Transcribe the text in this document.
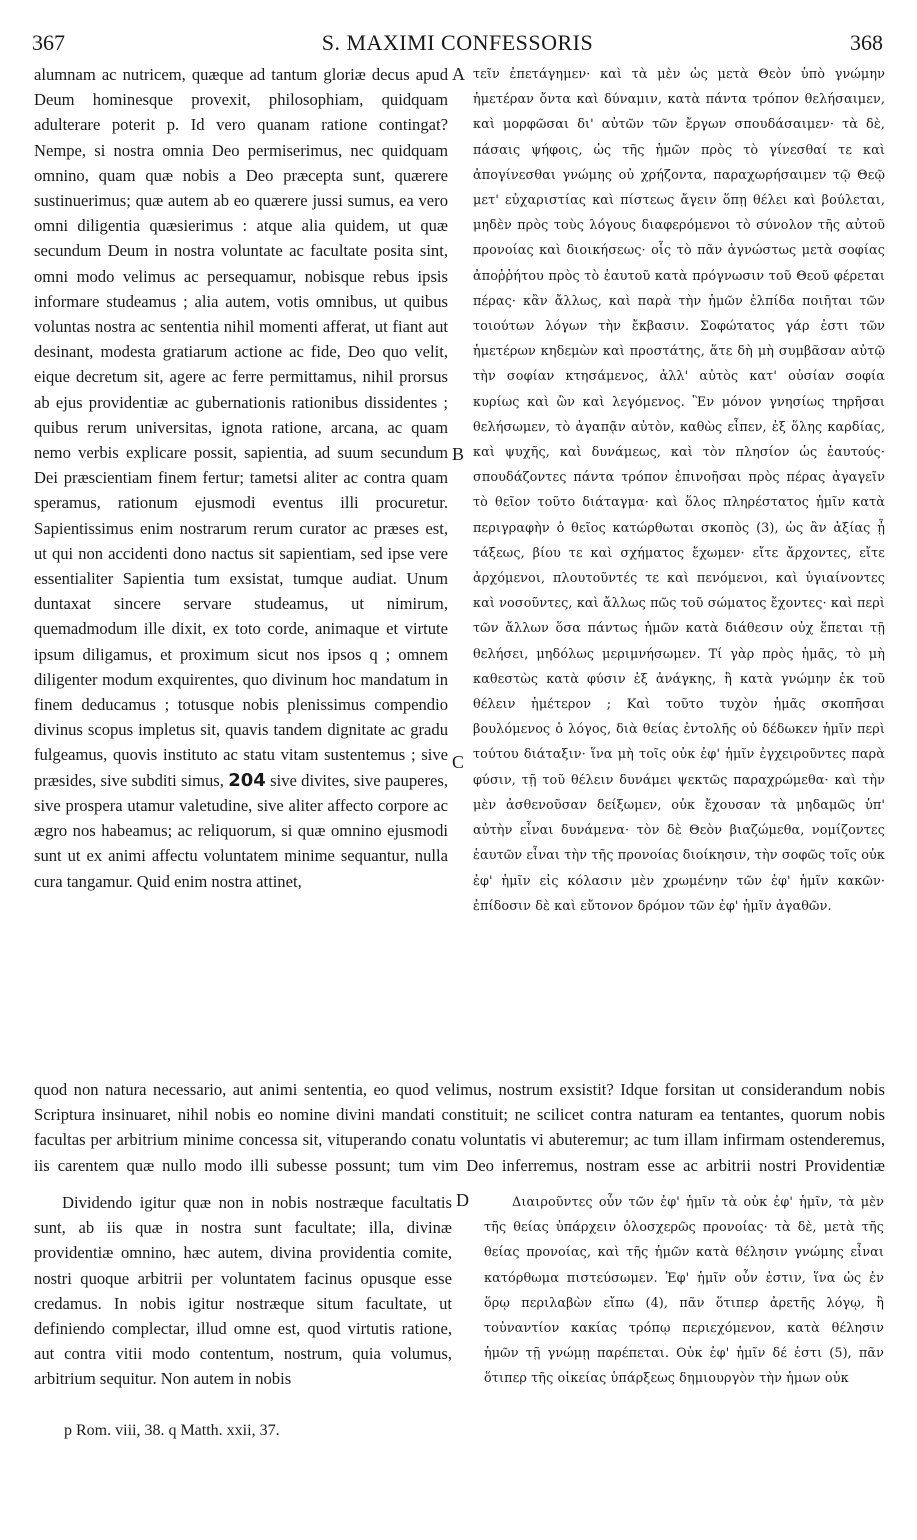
367	S. MAXIMI CONFESSORIS	368

alumnam ac nutricem, quæque ad tantum gloriæ decus apud Deum hominesque provexit, philosophiam, quidquam adulterare poterit p. Id vero quanam ratione contingat? Nempe, si nostra omnia Deo permiserimus, nec quidquam omnino, quam quæ nobis a Deo præcepta sunt, quærere sustinuerimus; quæ autem ab eo quærere jussi sumus, ea vero omni diligentia quæsierimus : atque alia quidem, ut quæ secundum Deum in nostra voluntate ac facultate posita sint, omni modo velimus ac persequamur, nobisque rebus ipsis informare studeamus ; alia autem, votis omnibus, ut quibus voluntas nostra ac sententia nihil momenti afferat, ut fiant aut desinant, modesta gratiarum actione ac fide, Deo quo velit, eique decretum sit, agere ac ferre permittamus, nihil prorsus ab ejus providentiæ ac gubernationis rationibus dissidentes ; quibus rerum universitas, ignota ratione, arcana, ac quam nemo verbis explicare possit, sapientia, ad suum secundum Dei præscientiam finem fertur; tametsi aliter ac contra quam speramus, rationum ejusmodi eventus illi procuretur. Sapientissimus enim nostrarum rerum curator ac præses est, ut qui non accidenti dono nactus sit sapientiam, sed ipse vere essentialiter Sapientia tum exsistat, tumque audiat. Unum duntaxat sincere servare studeamus, ut nimirum, quemadmodum ille dixit, ex toto corde, animaque et virtute ipsum diligamus, et proximum sicut nos ipsos q ; omnem diligenter modum exquirentes, quo divinum hoc mandatum in finem deducamus ; totusque nobis plenissimus compendio divinus scopus impletus sit, quavis tandem dignitate ac gradu fulgeamus, quovis instituto ac statu vitam sustentemus ; sive præsides, sive subditi simus, 204 sive divites, sive pauperes, sive prospera utamur valetudine, sive aliter affecto corpore ac ægro nos habeamus; ac reliquorum, si quæ omnino ejusmodi sunt ut ex animi affectu voluntatem minime sequantur, nulla cura tangamur. Quid enim nostra attinet,

A
B
C
D

τεῖν ἐπετάγημεν· καὶ τὰ μὲν ὡς μετὰ Θεὸν ὑπὸ γνώμην ἡμετέραν ὄντα καὶ δύναμιν, κατὰ πάντα τρόπον θελήσαιμεν, καὶ μορφῶσαι δι' αὐτῶν τῶν ἔργων σπουδάσαιμεν· τὰ δὲ, πάσαις ψήφοις, ὡς τῆς ἡμῶν πρὸς τὸ γίνεσθαί τε καὶ ἀπογίνεσθαι γνώμης οὐ χρήζοντα, παραχωρήσαιμεν τῷ Θεῷ μετ' εὐχαριστίας καὶ πίστεως ἄγειν ὅπῃ θέλει καὶ βούλεται, μηδὲν πρὸς τοὺς λόγους διαφερόμενοι τὸ σύνολον τῆς αὐτοῦ προνοίας καὶ διοικήσεως· οἷς τὸ πᾶν ἀγνώστως μετὰ σοφίας ἀποῤῥήτου πρὸς τὸ ἑαυτοῦ κατὰ πρόγνωσιν τοῦ Θεοῦ φέρεται πέρας· κἂν ἄλλως, καὶ παρὰ τὴν ἡμῶν ἐλπίδα ποιῆται τῶν τοιούτων λόγων τὴν ἔκβασιν. Σοφώτατος γάρ ἐστι τῶν ἡμετέρων κηδεμὼν καὶ προστάτης, ἅτε δὴ μὴ συμβᾶσαν αὐτῷ τὴν σοφίαν κτησάμενος, ἀλλ' αὐτὸς κατ' οὐσίαν σοφία κυρίως καὶ ὢν καὶ λεγόμενος. Ἓν μόνον γνησίως τηρῆσαι θελήσωμεν, τὸ ἀγαπᾷν αὐτὸν, καθὼς εἶπεν, ἐξ ὅλης καρδίας, καὶ ψυχῆς, καὶ δυνάμεως, καὶ τὸν πλησίον ὡς ἑαυτούς· σπουδάζοντες πάντα τρόπον ἐπινοῆσαι πρὸς πέρας ἀγαγεῖν τὸ θεῖον τοῦτο διάταγμα· καὶ ὅλος πληρέστατος ἡμῖν κατὰ περιγραφὴν ὁ θεῖος κατώρθωται σκοπὸς (3), ὡς ἂν ἀξίας ᾖ τάξεως, βίου τε καὶ σχήματος ἔχωμεν· εἴτε ἄρχοντες, εἴτε ἀρχόμενοι, πλουτοῦντές τε καὶ πενόμενοι, καὶ ὑγιαίνοντες καὶ νοσοῦντες, καὶ ἄλλως πῶς τοῦ σώματος ἔχοντες· καὶ περὶ τῶν ἄλλων ὅσα πάντως ἡμῶν κατὰ διάθεσιν οὐχ ἕπεται τῇ θελήσει, μηδόλως μεριμνήσωμεν. Τί γὰρ πρὸς ἡμᾶς, τὸ μὴ καθεστὼς κατὰ φύσιν ἐξ ἀνάγκης, ἢ κατὰ γνώμην ἐκ τοῦ θέλειν ἡμέτερον ; Καὶ τοῦτο τυχὸν ἡμᾶς σκοπῆσαι βουλόμενος ὁ λόγος, διὰ θείας ἐντολῆς οὐ δέδωκεν ἡμῖν περὶ τούτου διάταξιν· ἵνα μὴ τοῖς οὐκ ἐφ' ἡμῖν ἐγχειροῦντες παρὰ φύσιν, τῇ τοῦ θέλειν δυνάμει ψεκτῶς παραχρώμεθα· καὶ τὴν μὲν ἀσθενοῦσαν δείξωμεν, οὐκ ἔχουσαν τὰ μηδαμῶς ὑπ' αὐτὴν εἶναι δυνάμενα· τὸν δὲ Θεὸν βιαζώμεθα, νομίζοντες ἑαυτῶν εἶναι τὴν τῆς προνοίας διοίκησιν, τὴν σοφῶς τοῖς οὐκ ἐφ' ἡμῖν εἰς κόλασιν μὲν χρωμένην τῶν ἐφ' ἡμῖν κακῶν· ἐπίδοσιν δὲ καὶ εὔτονον δρόμον τῶν ἐφ' ἡμῖν ἀγαθῶν.

quod non natura necessario, aut animi sententia, eo quod velimus, nostrum exsistit? Idque forsitan ut considerandum nobis Scriptura insinuaret, nihil nobis eo nomine divini mandati constituit; ne scilicet contra naturam ea tentantes, quorum nobis facultas per arbitrium minime concessa sit, vituperando conatu voluntatis vi abuteremur; ac tum illam infirmam ostenderemus, iis carentem quæ nullo modo illi subesse possunt; tum vim Deo inferremus, nostram esse ac arbitrii nostri Providentiæ

Dividendo igitur quæ non in nobis nostræque facultatis sunt, ab iis quæ in nostra sunt facultate; illa, divinæ providentiæ omnino, hæc autem, divina providentia comite, nostri quoque arbitrii per voluntatem facinus opusque esse credamus. In nobis igitur nostræque situm facultate, ut definiendo complectar, illud omne est, quod virtutis ratione, aut contra vitii modo contentum, nostrum, quia volumus, arbitrium sequitur. Non autem in nobis

Διαιροῦντες οὖν τῶν ἐφ' ἡμῖν τὰ οὐκ ἐφ' ἡμῖν, τὰ μὲν τῆς θείας ὑπάρχειν ὁλοσχερῶς προνοίας· τὰ δὲ, μετὰ τῆς θείας προνοίας, καὶ τῆς ἡμῶν κατὰ θέλησιν γνώμης εἶναι κατόρθωμα πιστεύσωμεν. Ἐφ' ἡμῖν οὖν ἐστιν, ἵνα ὡς ἐν ὅρῳ περιλαβὼν εἴπω (4), πᾶν ὅτιπερ ἀρετῆς λόγῳ, ἢ τοὐναντίον κακίας τρόπῳ περιεχόμενον, κατὰ θέλησιν ἡμῶν τῇ γνώμῃ παρέπεται. Οὐκ ἐφ' ἡμῖν δέ ἐστι (5), πᾶν ὅτιπερ τῆς οἰκείας ὑπάρξεως δημιουργὸν τὴν ἡμων οὐκ

p Rom. viii, 38. q Matth. xxii, 37.
